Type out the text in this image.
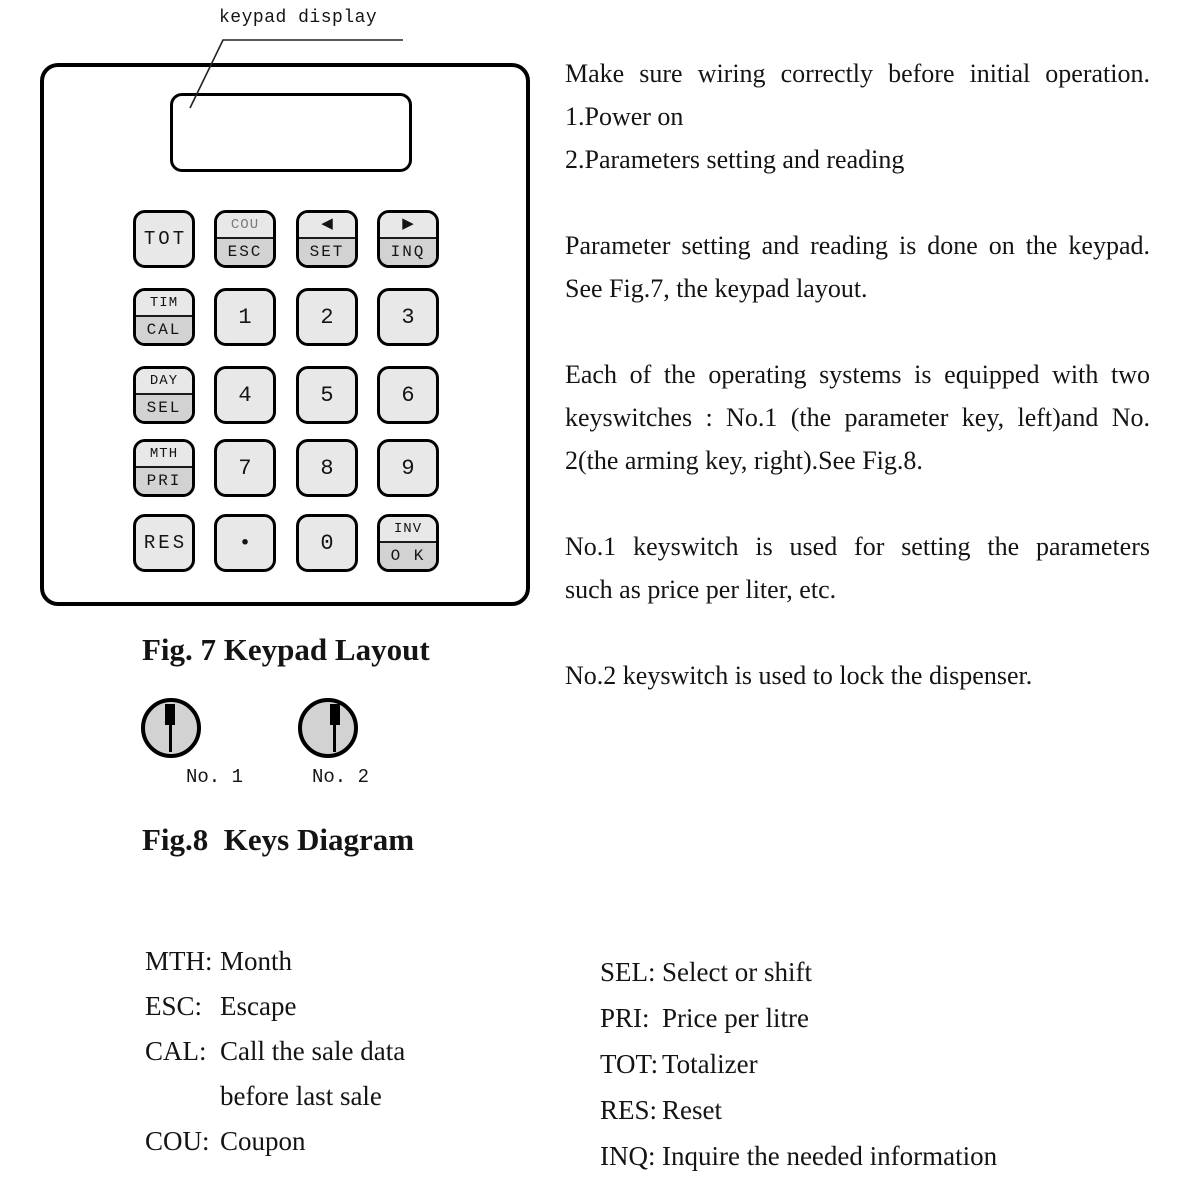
keypad display
TOT
COU
ESC
◀
SET
▶
INQ
TIM
CAL
1	2	3
DAY
SEL
4	5	6
MTH
PRI
7	8	9
RES ·	0
INV
O K
Fig. 7 Keypad Layout
No. 1	No. 2
Fig.8  Keys Diagram
Make sure wiring correctly before initial operation.
1.Power on
2.Parameters setting and reading
Parameter setting and reading is done on the keypad.
See Fig.7, the keypad layout.
Each of the operating systems is equipped with two
keyswitches : No.1 (the parameter key, left)and No.
2(the arming key, right).See Fig.8.
No.1 keyswitch is used for setting the parameters
such as price per liter, etc.
No.2 keyswitch is used to lock the dispenser.
MTH: Month
ESC: Escape
CAL: Call the sale data
before last sale
COU: Coupon
SEL: Select or shift
PRI: Price per litre
TOT: Totalizer
RES: Reset
INQ: Inquire the needed information
